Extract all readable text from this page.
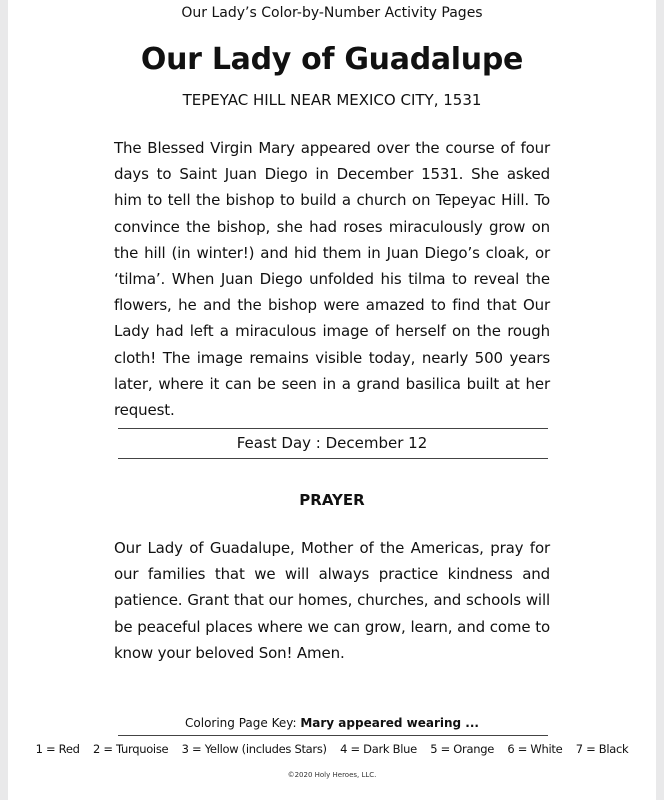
Our Lady’s Color-by-Number Activity Pages
Our Lady of Guadalupe
TEPEYAC HILL NEAR MEXICO CITY, 1531

The Blessed Virgin Mary appeared over the course of four days to Saint Juan Diego in December 1531. She asked him to tell the bishop to build a church on Tepeyac Hill. To convince the bishop, she had roses miraculously grow on the hill (in winter!) and hid them in Juan Diego’s cloak, or ‘tilma’. When Juan Diego unfolded his tilma to reveal the flowers, he and the bishop were amazed to find that Our Lady had left a miraculous image of herself on the rough cloth! The image remains visible today, nearly 500 years later, where it can be seen in a grand basilica built at her request.

Feast Day : December 12
PRAYER

Our Lady of Guadalupe, Mother of the Americas, pray for our families that we will always practice kindness and patience. Grant that our homes, churches, and schools will be peaceful places where we can grow, learn, and come to know your beloved Son! Amen.

Coloring Page Key: Mary appeared wearing ...
1 = Red 2 = Turquoise 3 = Yellow (includes Stars) 4 = Dark Blue 5 = Orange 6 = White 7 = Black
©2020 Holy Heroes, LLC.
